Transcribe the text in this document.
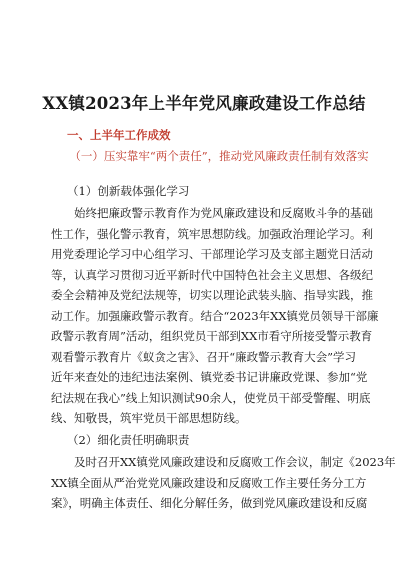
XX镇2023年上半年党风廉政建设工作总结
一、上半年工作成效
（一）压实靠牢“两个责任”，推动党风廉政责任制有效落实
（1）创新载体强化学习
始终把廉政警示教育作为党风廉政建设和反腐败斗争的基础
性工作，强化警示教育，筑牢思想防线。加强政治理论学习。利
用党委理论学习中心组学习、干部理论学习及支部主题党日活动
等，认真学习贯彻习近平新时代中国特色社会主义思想、各级纪
委全会精神及党纪法规等，切实以理论武装头脑、指导实践，推
动工作。加强廉政警示教育。结合“2023年XX镇党员领导干部廉
政警示教育周”活动，组织党员干部到XX市看守所接受警示教育
观看警示教育片《蚁贪之害》、召开“廉政警示教育大会”学习
近年来查处的违纪违法案例、镇党委书记讲廉政党课、参加“党
纪法规在我心”线上知识测试90余人，使党员干部受警醒、明底
线、知敬畏，筑牢党员干部思想防线。
（2）细化责任明确职责
及时召开XX镇党风廉政建设和反腐败工作会议，制定《2023年
XX镇全面从严治党党风廉政建设和反腐败工作主要任务分工方
案》，明确主体责任、细化分解任务，做到党风廉政建设和反腐
